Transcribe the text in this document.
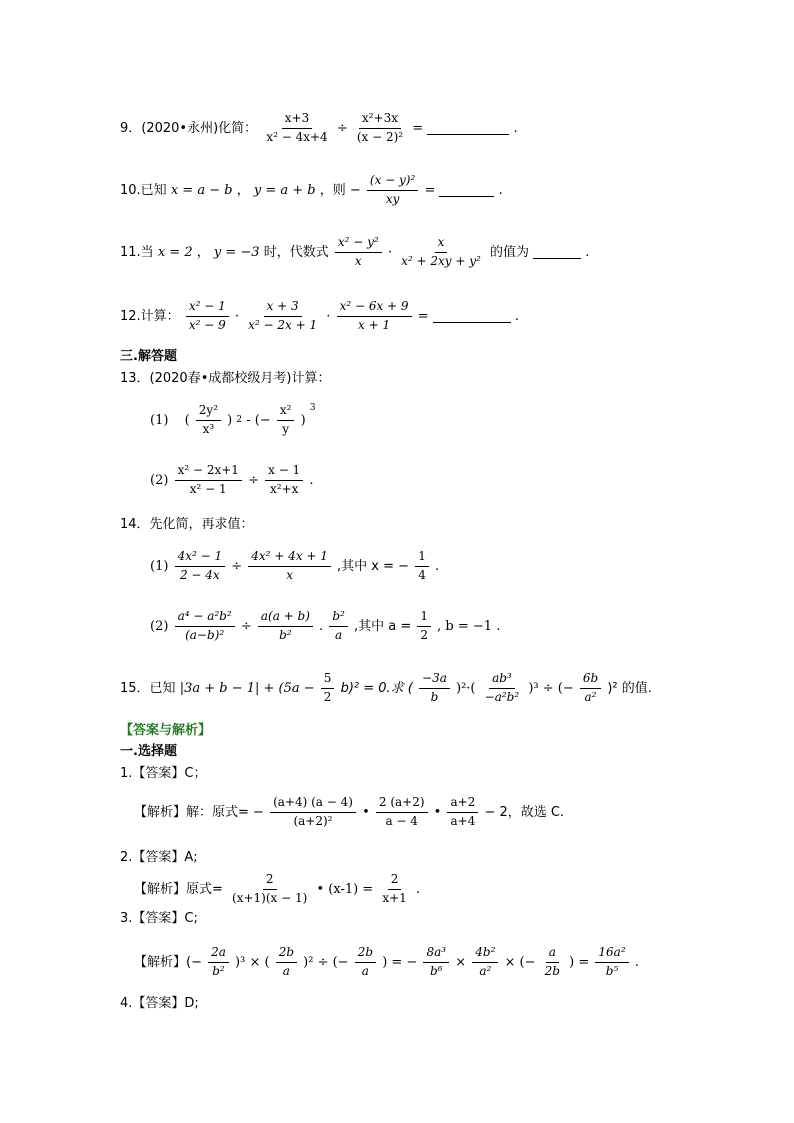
9．(2020•永州)化简： $\frac{x+3}{\text{x² − 4x+4}} \div \frac{\text{x²+3x}}{\text{(x − 2)²}}$ =	.
10.已知 x = a − b ， y = a + b ，则 − $\frac{\text{(x − y)²}}{xy}$ =	.
11.当 x = 2 ， y = −3 时，代数式 $\frac{\text{x² − y²}}{x} \cdot \frac{x}{\text{x² + 2xy + y²}}$ 的值为	.
12.计算： $\frac{\text{x² − 1}}{\text{x² − 9}} \cdot \frac{x + 3}{\text{x² − 2x + 1}} \cdot \frac{\text{x² − 6x + 9}}{x + 1}$ =	.
三.解答题
13．(2020春•成都校级月考)计算：
(1) ( $\frac{\text{2y²}}{\text{x³}}$ ) 2 - (− $\frac{\text{x²}}{y}$ ) $^3$
$(2) \frac{\text{x² − 2x+1}}{\text{x² − 1}} \div \frac{x - 1}{\text{x²+x}}$ .
14．先化简，再求值：
$(1) \frac{\text{4x² − 1}}{2 - 4x} \div \frac{\text{4x² + 4x + 1}}{x}$ ,其中 x = − $\frac{1}{4}$ .
$(2) \frac{\text{a⁴ − a²b²}}{\text{(a−b)²}} \div \frac{a(a + b)}{\text{b²}}$ . $\frac{\text{b²}}{a}$ ,其中 $a = \frac{1}{2}$ , b = −1 .
15．已知 $|3a + b - 1| + (5a - \frac{5}{2} b)^2 = 0$.求 ( $\frac{-3a}{b} )^2\cdot( \frac{\text{ab³}}{\text{−a²b²}} )^3$ ÷ (− $\frac{6b}{\text{a²}} )^2$ 的值.
【答案与解析】
一.选择题
1.【答案】C；
【解析】解：原式= − $\frac{(a+4) (a - 4)}{\text{(a+2)²}}$ • $\frac{2 (a+2)}{a - 4}$ • $\frac{a+2}{a+4} - 2$，故选 C.
2.【答案】A;
【解析】原式= $\frac{2}{(x+1)(x - 1)}$ • $(x-1) = \frac{2}{x+1}$ .
3.【答案】C;
【解析】(− $\frac{2a}{\text{b²}} )^3$ × ( $\frac{2b}{a} )^2$ ÷ (− $\frac{2b}{a}$ ) = − $\frac{\text{8a³}}{\text{b⁶}} \times \frac{\text{4b²}}{\text{a²}}$ × (− $\frac{a}{2b}$ ) = $\frac{\text{16a²}}{\text{b⁵}}$ .
4.【答案】D;
